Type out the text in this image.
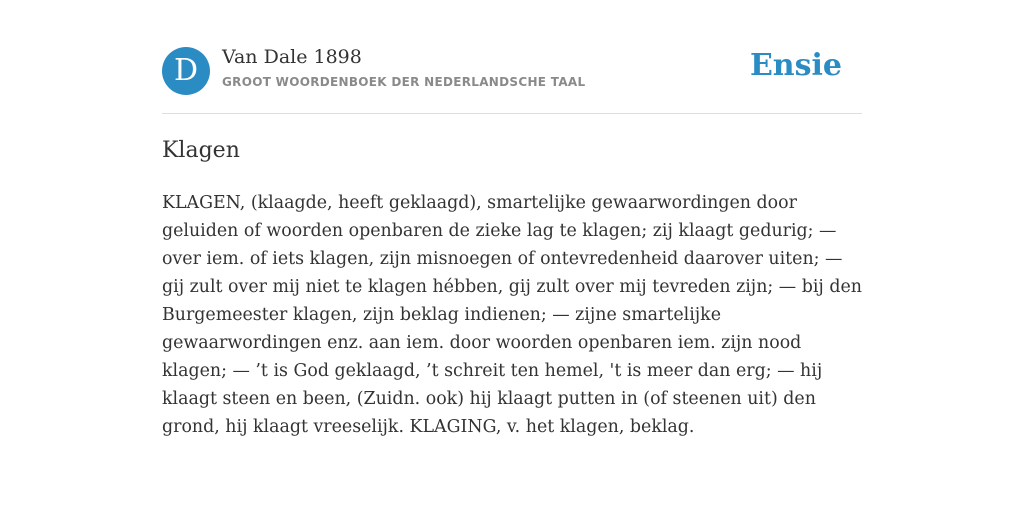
D	Van Dale 1898
GROOT WOORDENBOEK DER NEDERLANDSCHE TAAL	Ensie
Klagen

KLAGEN, (klaagde, heeft geklaagd), smartelijke gewaarwordingen door geluiden of woorden openbaren de zieke lag te klagen; zij klaagt gedurig; — over iem. of iets klagen, zijn misnoegen of ontevredenheid daarover uiten; — gij zult over mij niet te klagen hébben, gij zult over mij tevreden zijn; — bij den Burgemeester klagen, zijn beklag indienen; — zijne smartelijke gewaarwordingen enz. aan iem. door woorden openbaren iem. zijn nood klagen; — ’t is God geklaagd, ’t schreit ten hemel, 't is meer dan erg; — hij klaagt steen en been, (Zuidn. ook) hij klaagt putten in (of steenen uit) den grond, hij klaagt vreeselijk. KLAGING, v. het klagen, beklag.
